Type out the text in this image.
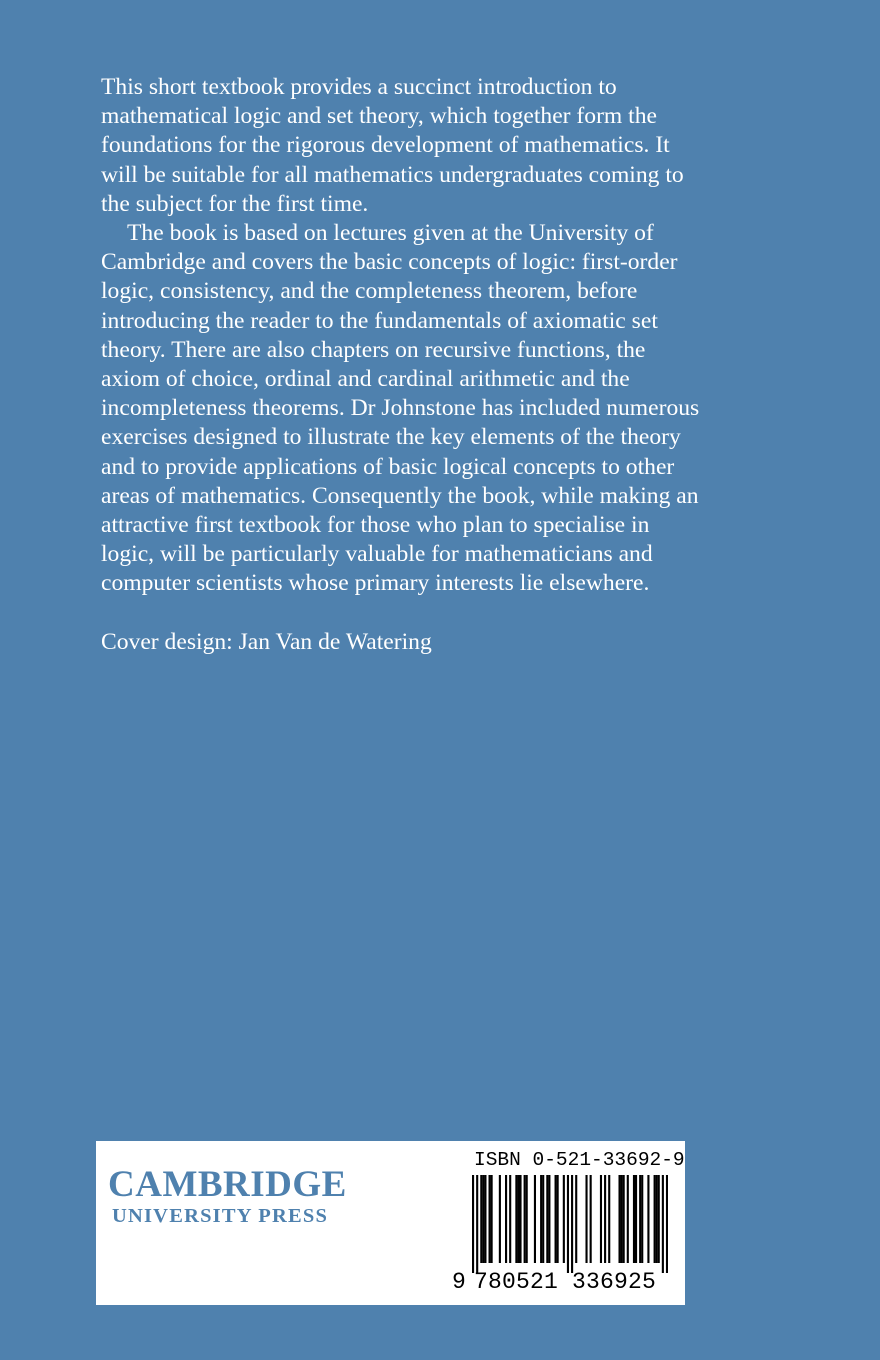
This short textbook provides a succinct introduction to mathematical logic and set theory, which together form the foundations for the rigorous development of mathematics. It will be suitable for all mathematics undergraduates coming to the subject for the first time.

The book is based on lectures given at the University of Cambridge and covers the basic concepts of logic: first-order logic, consistency, and the completeness theorem, before introducing the reader to the fundamentals of axiomatic set theory. There are also chapters on recursive functions, the axiom of choice, ordinal and cardinal arithmetic and the incompleteness theorems. Dr Johnstone has included numerous exercises designed to illustrate the key elements of the theory and to provide applications of basic logical concepts to other areas of mathematics. Consequently the book, while making an attractive first textbook for those who plan to specialise in logic, will be particularly valuable for mathematicians and computer scientists whose primary interests lie elsewhere.

Cover design: Jan Van de Watering

CAMBRIDGE
UNIVERSITY PRESS
ISBN 0-521-33692-9
9 780521 336925
